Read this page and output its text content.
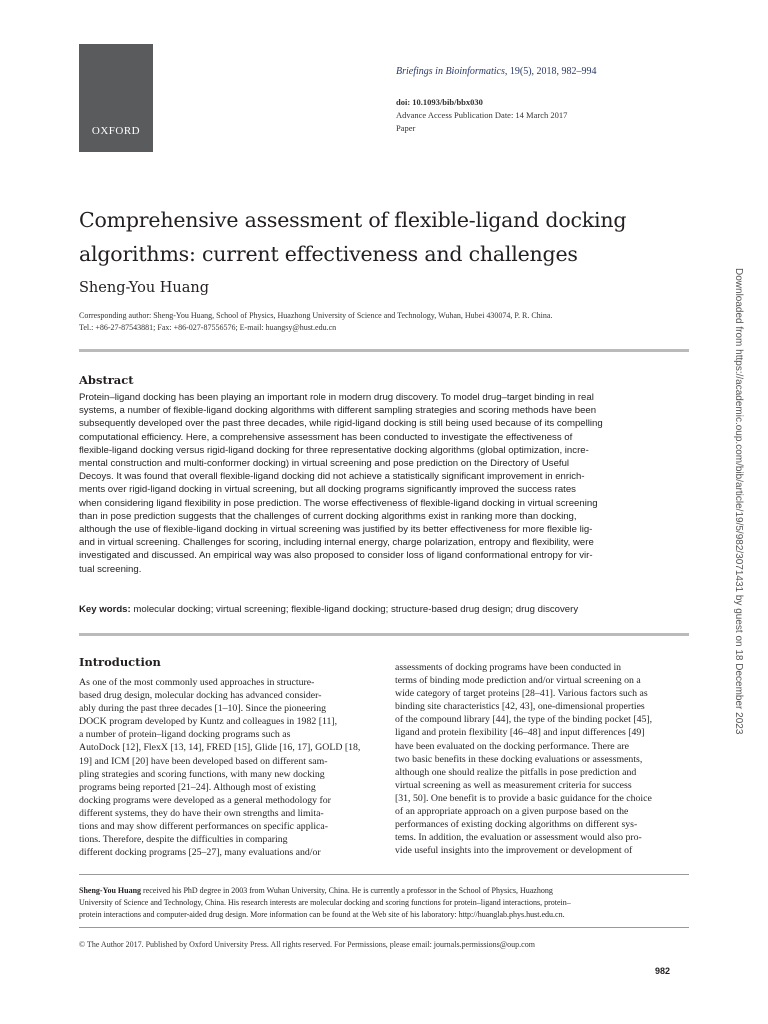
OXFORD
Briefings in Bioinformatics, 19(5), 2018, 982–994
doi: 10.1093/bib/bbx030
Advance Access Publication Date: 14 March 2017
Paper
Comprehensive assessment of flexible-ligand docking
algorithms: current effectiveness and challenges
Sheng-You Huang
Corresponding author: Sheng-You Huang, School of Physics, Huazhong University of Science and Technology, Wuhan, Hubei 430074, P. R. China.
Tel.: +86-27-87543881; Fax: +86-027-87556576; E-mail: huangsy@hust.edu.cn
Abstract
Protein–ligand docking has been playing an important role in modern drug discovery. To model drug–target binding in real
systems, a number of flexible-ligand docking algorithms with different sampling strategies and scoring methods have been
subsequently developed over the past three decades, while rigid-ligand docking is still being used because of its compelling
computational efficiency. Here, a comprehensive assessment has been conducted to investigate the effectiveness of
flexible-ligand docking versus rigid-ligand docking for three representative docking algorithms (global optimization, incre-
mental construction and multi-conformer docking) in virtual screening and pose prediction on the Directory of Useful
Decoys. It was found that overall flexible-ligand docking did not achieve a statistically significant improvement in enrich-
ments over rigid-ligand docking in virtual screening, but all docking programs significantly improved the success rates
when considering ligand flexibility in pose prediction. The worse effectiveness of flexible-ligand docking in virtual screening
than in pose prediction suggests that the challenges of current docking algorithms exist in ranking more than docking,
although the use of flexible-ligand docking in virtual screening was justified by its better effectiveness for more flexible lig-
and in virtual screening. Challenges for scoring, including internal energy, charge polarization, entropy and flexibility, were
investigated and discussed. An empirical way was also proposed to consider loss of ligand conformational entropy for vir-
tual screening.
Key words: molecular docking; virtual screening; flexible-ligand docking; structure-based drug design; drug discovery
Introduction
As one of the most commonly used approaches in structure-
based drug design, molecular docking has advanced consider-
ably during the past three decades [1–10]. Since the pioneering
DOCK program developed by Kuntz and colleagues in 1982 [11],
a number of protein–ligand docking programs such as
AutoDock [12], FlexX [13, 14], FRED [15], Glide [16, 17], GOLD [18,
19] and ICM [20] have been developed based on different sam-
pling strategies and scoring functions, with many new docking
programs being reported [21–24]. Although most of existing
docking programs were developed as a general methodology for
different systems, they do have their own strengths and limita-
tions and may show different performances on specific applica-
tions. Therefore, despite the difficulties in comparing
different docking programs [25–27], many evaluations and/or
assessments of docking programs have been conducted in
terms of binding mode prediction and/or virtual screening on a
wide category of target proteins [28–41]. Various factors such as
binding site characteristics [42, 43], one-dimensional properties
of the compound library [44], the type of the binding pocket [45],
ligand and protein flexibility [46–48] and input differences [49]
have been evaluated on the docking performance. There are
two basic benefits in these docking evaluations or assessments,
although one should realize the pitfalls in pose prediction and
virtual screening as well as measurement criteria for success
[31, 50]. One benefit is to provide a basic guidance for the choice
of an appropriate approach on a given purpose based on the
performances of existing docking algorithms on different sys-
tems. In addition, the evaluation or assessment would also pro-
vide useful insights into the improvement or development of
Sheng-You Huang received his PhD degree in 2003 from Wuhan University, China. He is currently a professor in the School of Physics, Huazhong
University of Science and Technology, China. His research interests are molecular docking and scoring functions for protein–ligand interactions, protein–
protein interactions and computer-aided drug design. More information can be found at the Web site of his laboratory: http://huanglab.phys.hust.edu.cn.
© The Author 2017. Published by Oxford University Press. All rights reserved. For Permissions, please email: journals.permissions@oup.com
982
Downloaded from https://academic.oup.com/bib/article/19/5/982/3071431 by guest on 18 December 2023
